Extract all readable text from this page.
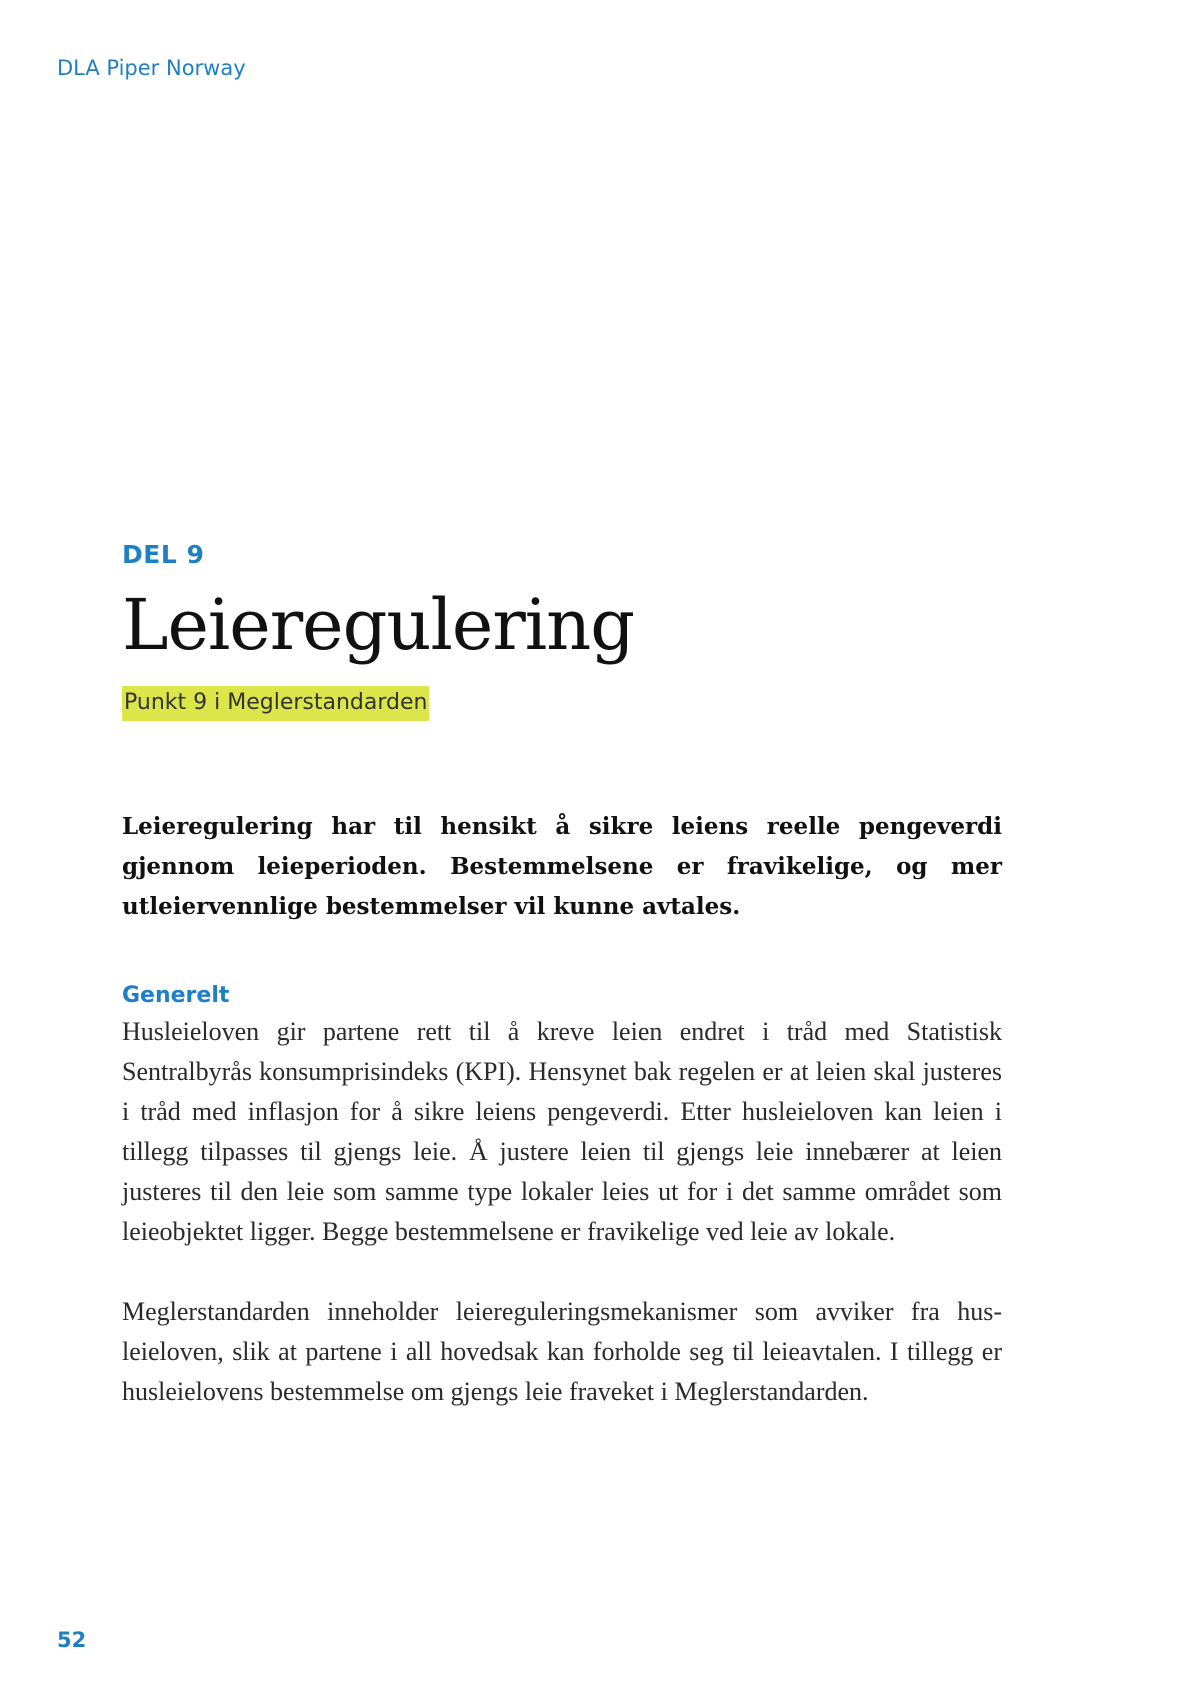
DLA Piper Norway
DEL 9
Leieregulering
Punkt 9 i Meglerstandarden

Leieregulering har til hensikt å sikre leiens reelle pengeverdi gjennom leieperioden. Bestemmelsene er fravikelige, og mer utleiervennlige bestemmelser vil kunne avtales.

Generelt

Husleieloven gir partene rett til å kreve leien endret i tråd med Statistisk Sentralbyrås konsumprisindeks (KPI). Hensynet bak regelen er at leien skal justeres i tråd med inflasjon for å sikre leiens pengeverdi. Etter husleieloven kan leien i tillegg tilpasses til gjengs leie. Å justere leien til gjengs leie innebærer at leien justeres til den leie som samme type lokaler leies ut for i det samme området som leieobjektet ligger. Begge bestemmelsene er fravikelige ved leie av lokale.

Meglerstandarden inneholder leiereguleringsmekanismer som avviker fra husleieloven, slik at partene i all hovedsak kan forholde seg til leieavtalen. I tillegg er husleielovens bestemmelse om gjengs leie fraveket i Meglerstandarden.

52
